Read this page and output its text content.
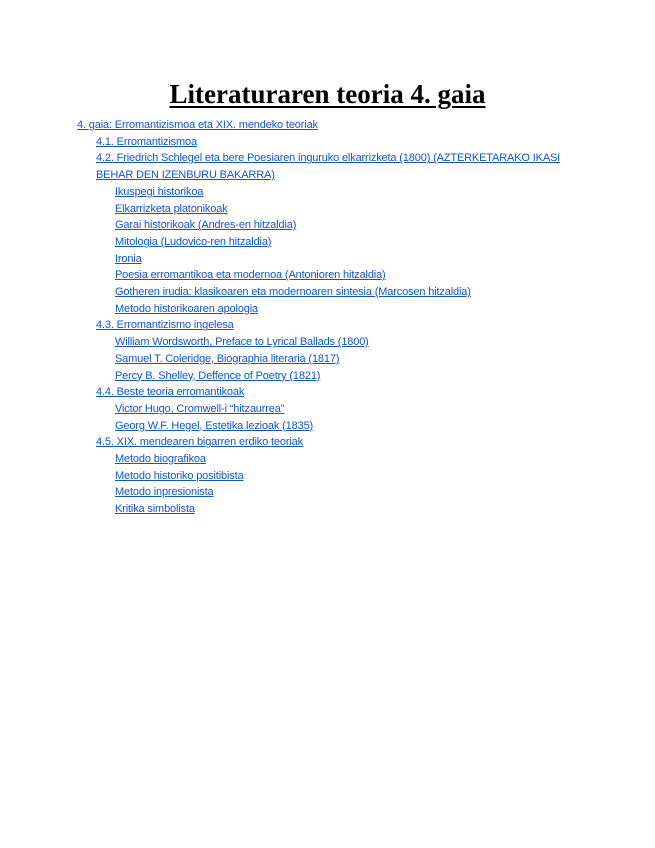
Literaturaren teoria 4. gaia
4. gaia: Erromantizismoa eta XIX. mendeko teoriak
4.1. Erromantizismoa
4.2. Friedrich Schlegel eta bere Poesiaren inguruko elkarrizketa (1800) (AZTERKETARAKO IKASI BEHAR DEN IZENBURU BAKARRA)
Ikuspegi historikoa
Elkarrizketa platonikoak
Garai historikoak (Andres-en hitzaldia)
Mitologia (Ludovico-ren hitzaldia)
Ironia
Poesia erromantikoa eta modernoa (Antonioren hitzaldia)
Gotheren irudia: klasikoaren eta modernoaren sintesia (Marcosen hitzaldia)
Metodo historikoaren apologia
4.3. Erromantizismo ingelesa
William Wordsworth, Preface to Lyrical Ballads (1800)
Samuel T. Coleridge, Biographia literaria (1817)
Percy B. Shelley, Deffence of Poetry (1821)
4.4. Beste teoria erromantikoak
Victor Hugo, Cromwell-i “hitzaurrea”
Georg W.F. Hegel, Estetika lezioak (1835)
4.5. XIX. mendearen bigarren erdiko teoriak
Metodo biografikoa
Metodo historiko positibista
Metodo inpresionista
Kritika simbolista
